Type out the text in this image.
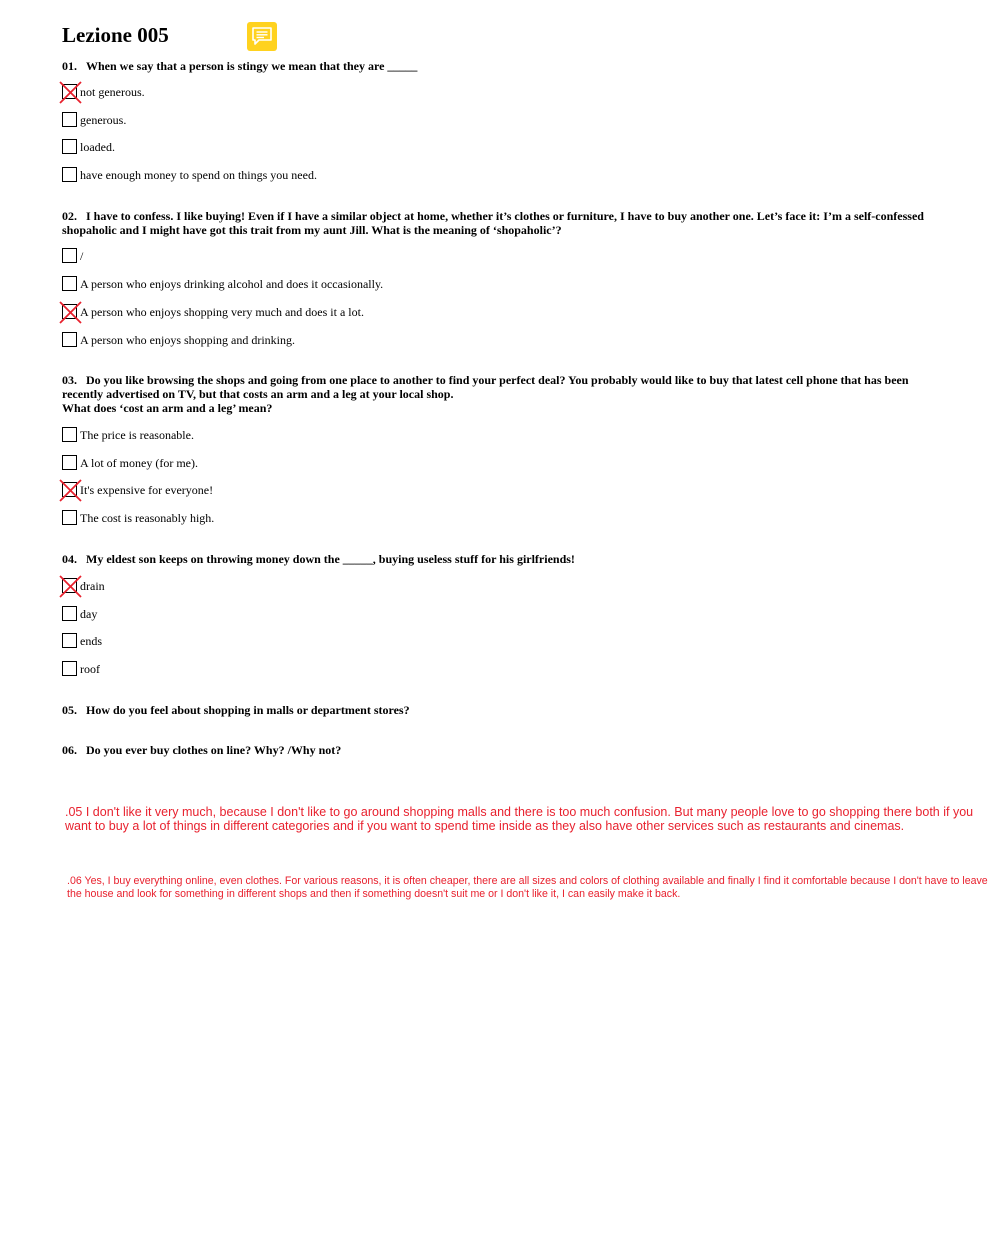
Lezione 005
01. When we say that a person is stingy we mean that they are _____
not generous.
generous.
loaded.
have enough money to spend on things you need.
02. I have to confess. I like buying! Even if I have a similar object at home, whether it’s clothes or furniture, I have to buy another one. Let’s face it: I’m a self-confessed shopaholic and I might have got this trait from my aunt Jill. What is the meaning of ‘shopaholic’?
/
A person who enjoys drinking alcohol and does it occasionally.
A person who enjoys shopping very much and does it a lot.
A person who enjoys shopping and drinking.
03. Do you like browsing the shops and going from one place to another to find your perfect deal? You probably would like to buy that latest cell phone that has been recently advertised on TV, but that costs an arm and a leg at your local shop.
What does ‘cost an arm and a leg’ mean?
The price is reasonable.
A lot of money (for me).
It's expensive for everyone!
The cost is reasonably high.
04. My eldest son keeps on throwing money down the _____, buying useless stuff for his girlfriends!
drain
day
ends
roof
05. How do you feel about shopping in malls or department stores?
06. Do you ever buy clothes on line? Why? /Why not?
.05 I don't like it very much, because I don't like to go around shopping malls and there is too much confusion. But many people love to go shopping there both if you want to buy a lot of things in different categories and if you want to spend time inside as they also have other services such as restaurants and cinemas.
.06 Yes, I buy everything online, even clothes. For various reasons, it is often cheaper, there are all sizes and colors of clothing available and finally I find it comfortable because I don't have to leave the house and look for something in different shops and then if something doesn't suit me or I don't like it, I can easily make it back.
